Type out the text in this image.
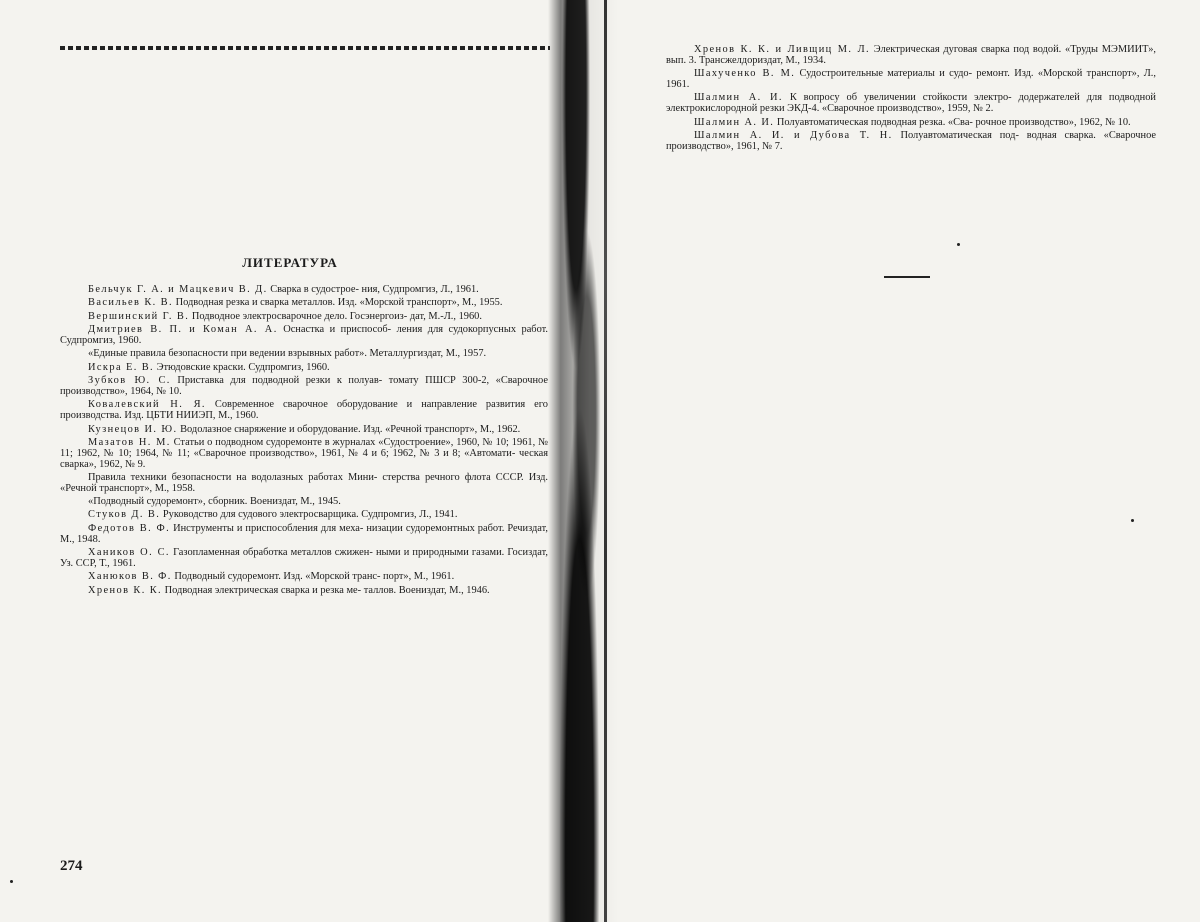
ЛИТЕРАТУРА

Бельчук Г. А. и Мацкевич В. Д. Сварка в судострое- ния, Судпромгиз, Л., 1961.

Васильев К. В. Подводная резка и сварка металлов. Изд. «Морской транспорт», М., 1955.

Вершинский Г. В. Подводное электросварочное дело. Госэнергоиз- дат, М.-Л., 1960.

Дмитриев В. П. и Коман А. А. Оснастка и приспособ- ления для судокорпусных работ. Судпромгиз, 1960.

«Единые правила безопасности при ведении взрывных работ». Металлургиздат, М., 1957.

Искра Е. В. Этюдовские краски. Судпромгиз, 1960.

Зубков Ю. С. Приставка для подводной резки к полуав- томату ПШСР 300-2, «Сварочное производство», 1964, № 10.

Ковалевский Н. Я. Современное сварочное оборудование и направление развития его производства. Изд. ЦБТИ НИИЭП, М., 1960.

Кузнецов И. Ю. Водолазное снаряжение и оборудование. Изд. «Речной транспорт», М., 1962.

Мазатов Н. М. Статьи о подводном судоремонте в журналах «Судостроение», 1960, № 10; 1961, № 11; 1962, № 10; 1964, № 11; «Сварочное производство», 1961, № 4 и 6; 1962, № 3 и 8; «Автомати- ческая сварка», 1962, № 9.

Правила техники безопасности на водолазных работах Мини- стерства речного флота СССР. Изд. «Речной транспорт», М., 1958.

«Подводный судоремонт», сборник. Воениздат, М., 1945.

Стуков Д. В. Руководство для судового электросварщика. Судпромгиз, Л., 1941.

Федотов В. Ф. Инструменты и приспособления для меха- низации судоремонтных работ. Речиздат, М., 1948.

Хаников О. С. Газопламенная обработка металлов сжижен- ными и природными газами. Госиздат, Уз. ССР, Т., 1961.

Ханюков В. Ф. Подводный судоремонт. Изд. «Морской транс- порт», М., 1961.

Хренов К. К. Подводная электрическая сварка и резка ме- таллов. Воениздат, М., 1946.

274

Хренов К. К. и Ливщиц М. Л. Электрическая дуговая сварка под водой. «Труды МЭМИИТ», вып. 3. Трансжелдориздат, М., 1934.

Шахученко В. М. Судостроительные материалы и судо- ремонт. Изд. «Морской транспорт», Л., 1961.

Шалмин А. И. К вопросу об увеличении стойкости электро- додержателей для подводной электрокислородной резки ЭКД-4. «Сварочное производство», 1959, № 2.

Шалмин А. И. Полуавтоматическая подводная резка. «Сва- рочное производство», 1962, № 10.

Шалмин А. И. и Дубова Т. Н. Полуавтоматическая под- водная сварка. «Сварочное производство», 1961, № 7.
